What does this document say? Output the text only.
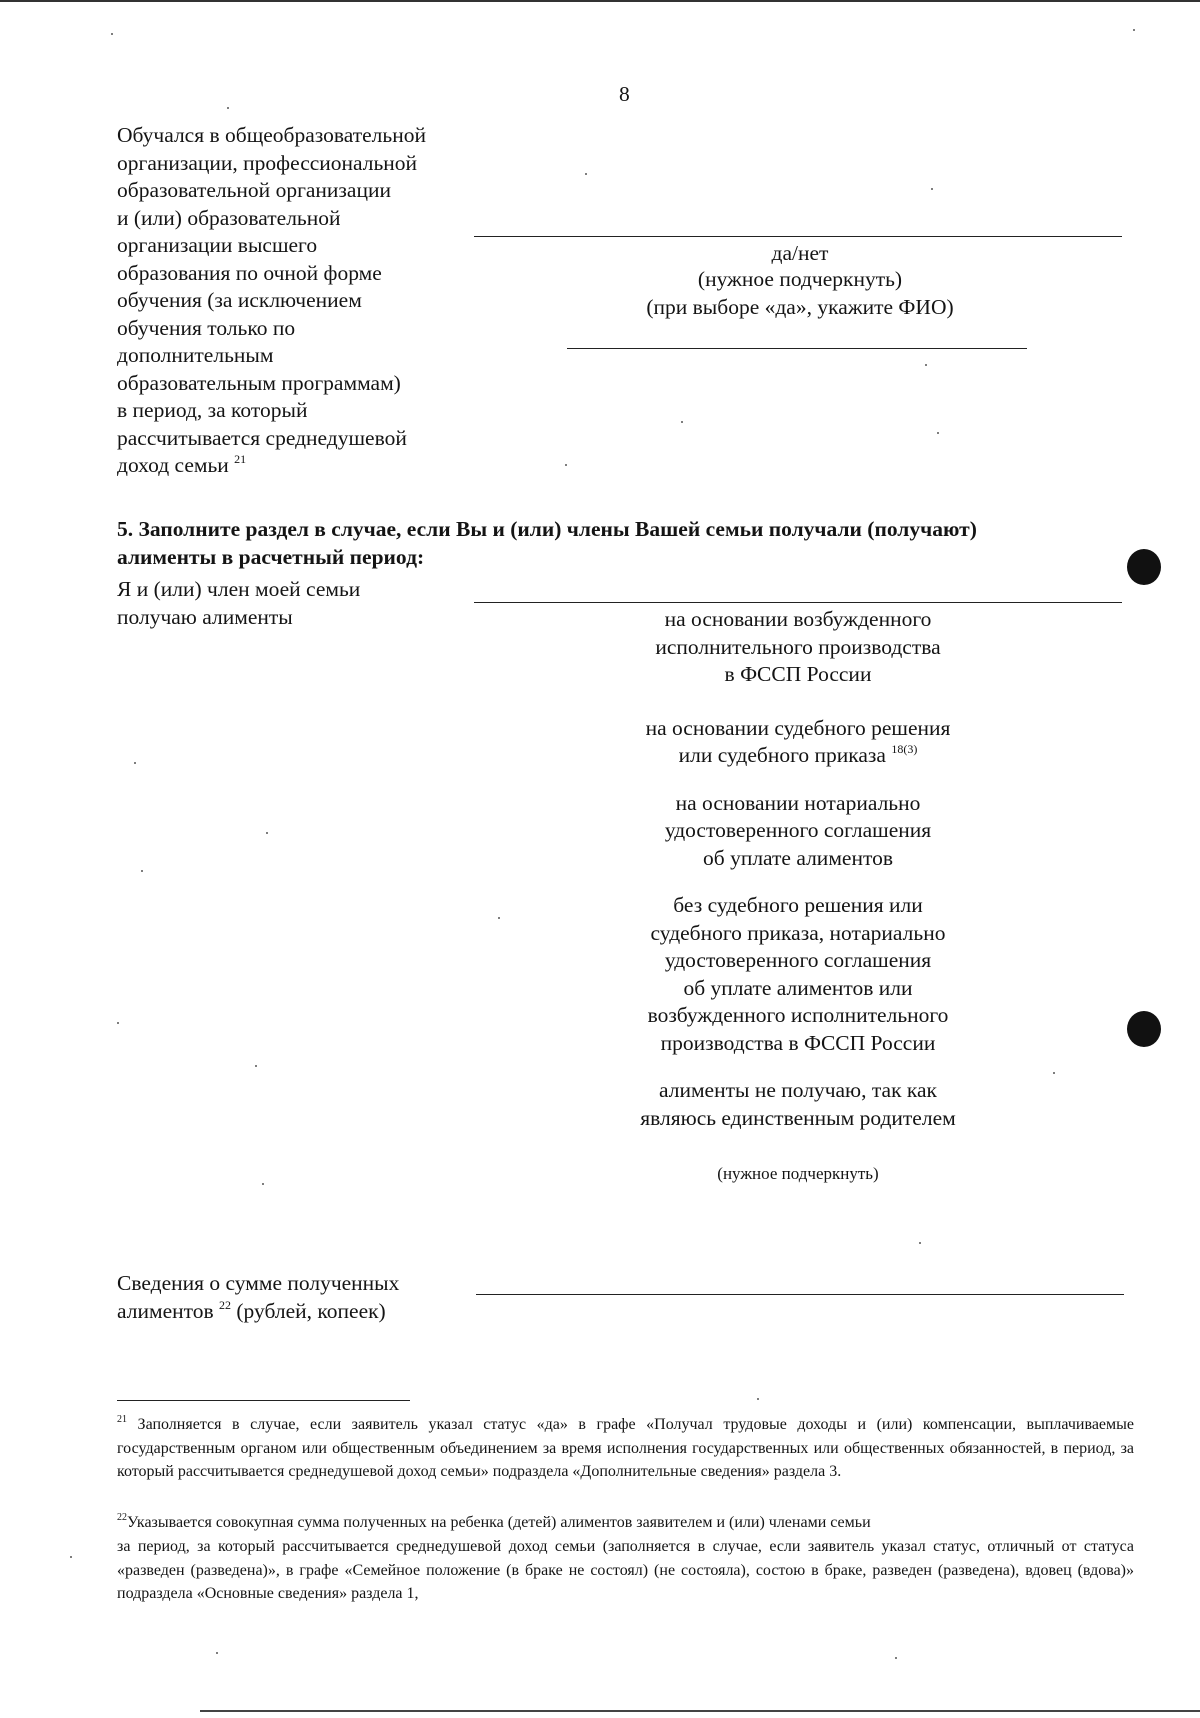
8
Обучался в общеобразовательной
организации, профессиональной
образовательной организации
и (или) образовательной
организации высшего
образования по очной форме
обучения (за исключением
обучения только по
дополнительным
образовательным программам)
в период, за который
рассчитывается среднедушевой
доход семьи $^{21}$
да/нет
(нужное подчеркнуть)
(при выборе «да», укажите ФИО)
5. Заполните раздел в случае, если Вы и (или) члены Вашей семьи получали (получают)
алименты в расчетный период:
Я и (или) член моей семьи
получаю алименты	на основании возбужденного
исполнительного производства
в ФССП России
на основании судебного решения
или судебного приказа $^{18(3)}$
на основании нотариально
удостоверенного соглашения
об уплате алиментов
без судебного решения или
судебного приказа, нотариально
удостоверенного соглашения
об уплате алиментов или
возбужденного исполнительного
производства в ФССП России
алименты не получаю, так как
являюсь единственным родителем
(нужное подчеркнуть)
Сведения о сумме полученных
алиментов $^{22}$ (рублей, копеек)
$^{21}$ Заполняется в случае, если заявитель указал статус «да» в графе «Получал трудовые доходы и (или) компенсации, выплачиваемые государственным органом или общественным объединением за время исполнения государственных или общественных обязанностей, в период, за который рассчитывается среднедушевой доход семьи» подраздела «Дополнительные сведения» раздела 3.
$^{22}$Указывается совокупная сумма полученных на ребенка (детей) алиментов заявителем и (или) членами семьи
за период, за который рассчитывается среднедушевой доход семьи (заполняется в случае, если заявитель указал статус, отличный от статуса «разведен (разведена)», в графе «Семейное положение (в браке не состоял) (не состояла), состою в браке, разведен (разведена), вдовец (вдова)» подраздела «Основные сведения» раздела 1,
